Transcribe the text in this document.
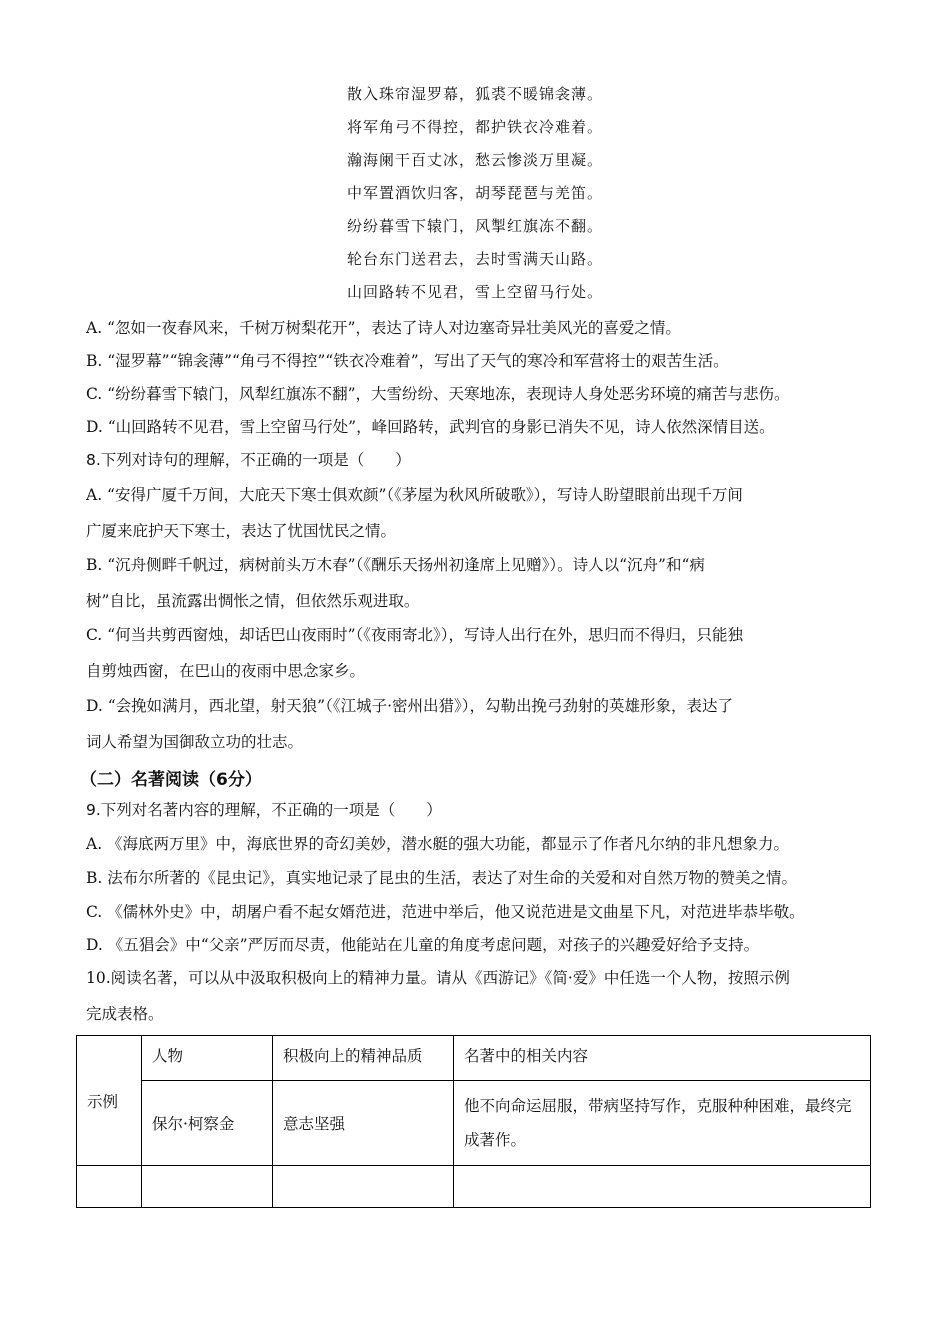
散入珠帘湿罗幕，狐裘不暖锦衾薄。
将军角弓不得控，都护铁衣冷难着。
瀚海阑干百丈冰，愁云惨淡万里凝。
中军置酒饮归客，胡琴琵琶与羌笛。
纷纷暮雪下辕门，风掣红旗冻不翻。
轮台东门送君去，去时雪满天山路。
山回路转不见君，雪上空留马行处。
A. “忽如一夜春风来，千树万树梨花开”，表达了诗人对边塞奇异壮美风光的喜爱之情。
B. “湿罗幕”“锦衾薄”“角弓不得控”“铁衣冷难着”，写出了天气的寒冷和军营将士的艰苦生活。
C. “纷纷暮雪下辕门，风犁红旗冻不翻”，大雪纷纷、天寒地冻，表现诗人身处恶劣环境的痛苦与悲伤。
D. “山回路转不见君，雪上空留马行处”，峰回路转，武判官的身影已消失不见，诗人依然深情目送。
8.下列对诗句的理解，不正确的一项是（　　）
A. “安得广厦千万间，大庇天下寒士俱欢颜”（《茅屋为秋风所破歌》），写诗人盼望眼前出现千万间
广厦来庇护天下寒士，表达了忧国忧民之情。
B. “沉舟侧畔千帆过，病树前头万木春”（《酬乐天扬州初逢席上见赠》）。诗人以“沉舟”和“病
树”自比，虽流露出惆怅之情，但依然乐观进取。
C. “何当共剪西窗烛，却话巴山夜雨时”（《夜雨寄北》），写诗人出行在外，思归而不得归，只能独
自剪烛西窗，在巴山的夜雨中思念家乡。
D. “会挽如满月，西北望，射天狼”（《江城子·密州出猎》），勾勒出挽弓劲射的英雄形象，表达了
词人希望为国御敌立功的壮志。
（二）名著阅读（6分）
9.下列对名著内容的理解，不正确的一项是（　　）
A. 《海底两万里》中，海底世界的奇幻美妙，潜水艇的强大功能，都显示了作者凡尔纳的非凡想象力。
B. 法布尔所著的《昆虫记》，真实地记录了昆虫的生活，表达了对生命的关爱和对自然万物的赞美之情。
C. 《儒林外史》中，胡屠户看不起女婿范进，范进中举后，他又说范进是文曲星下凡，对范进毕恭毕敬。
D. 《五猖会》中“父亲”严厉而尽责，他能站在儿童的角度考虑问题，对孩子的兴趣爱好给予支持。
10.阅读名著，可以从中汲取积极向上的精神力量。请从《西游记》《简·爱》中任选一个人物，按照示例
完成表格。
示例	人物	积极向上的精神品质	名著中的相关内容
	保尔·柯察金	意志坚强	他不向命运屈服，带病坚持写作，克服种种困难，最终完成著作。
